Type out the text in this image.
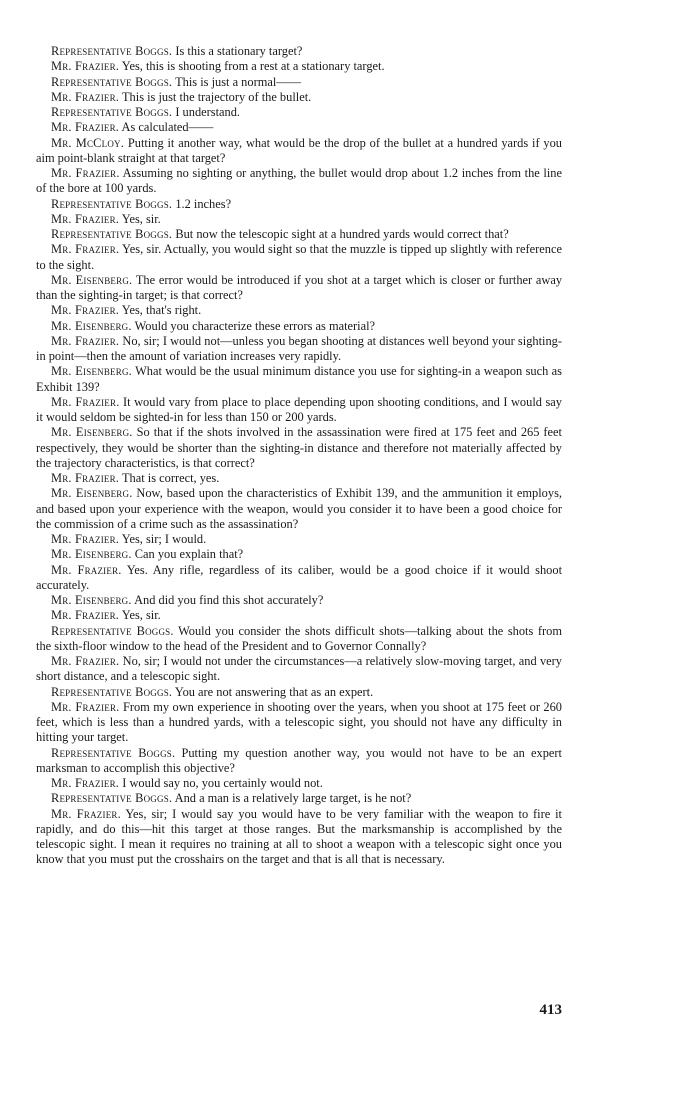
Representative Boggs. Is this a stationary target?

Mr. Frazier. Yes, this is shooting from a rest at a stationary target.

Representative Boggs. This is just a normal——

Mr. Frazier. This is just the trajectory of the bullet.

Representative Boggs. I understand.

Mr. Frazier. As calculated——

Mr. McCloy. Putting it another way, what would be the drop of the bullet at a hundred yards if you aim point-blank straight at that target?

Mr. Frazier. Assuming no sighting or anything, the bullet would drop about 1.2 inches from the line of the bore at 100 yards.

Representative Boggs. 1.2 inches?

Mr. Frazier. Yes, sir.

Representative Boggs. But now the telescopic sight at a hundred yards would correct that?

Mr. Frazier. Yes, sir. Actually, you would sight so that the muzzle is tipped up slightly with reference to the sight.

Mr. Eisenberg. The error would be introduced if you shot at a target which is closer or further away than the sighting-in target; is that correct?

Mr. Frazier. Yes, that's right.

Mr. Eisenberg. Would you characterize these errors as material?

Mr. Frazier. No, sir; I would not—unless you began shooting at distances well beyond your sighting-in point—then the amount of variation increases very rapidly.

Mr. Eisenberg. What would be the usual minimum distance you use for sighting-in a weapon such as Exhibit 139?

Mr. Frazier. It would vary from place to place depending upon shooting conditions, and I would say it would seldom be sighted-in for less than 150 or 200 yards.

Mr. Eisenberg. So that if the shots involved in the assassination were fired at 175 feet and 265 feet respectively, they would be shorter than the sighting-in distance and therefore not materially affected by the trajectory characteristics, is that correct?

Mr. Frazier. That is correct, yes.

Mr. Eisenberg. Now, based upon the characteristics of Exhibit 139, and the ammunition it employs, and based upon your experience with the weapon, would you consider it to have been a good choice for the commission of a crime such as the assassination?

Mr. Frazier. Yes, sir; I would.

Mr. Eisenberg. Can you explain that?

Mr. Frazier. Yes. Any rifle, regardless of its caliber, would be a good choice if it would shoot accurately.

Mr. Eisenberg. And did you find this shot accurately?

Mr. Frazier. Yes, sir.

Representative Boggs. Would you consider the shots difficult shots—talking about the shots from the sixth-floor window to the head of the President and to Governor Connally?

Mr. Frazier. No, sir; I would not under the circumstances—a relatively slow-moving target, and very short distance, and a telescopic sight.

Representative Boggs. You are not answering that as an expert.

Mr. Frazier. From my own experience in shooting over the years, when you shoot at 175 feet or 260 feet, which is less than a hundred yards, with a telescopic sight, you should not have any difficulty in hitting your target.

Representative Boggs. Putting my question another way, you would not have to be an expert marksman to accomplish this objective?

Mr. Frazier. I would say no, you certainly would not.

Representative Boggs. And a man is a relatively large target, is he not?

Mr. Frazier. Yes, sir; I would say you would have to be very familiar with the weapon to fire it rapidly, and do this—hit this target at those ranges. But the marksmanship is accomplished by the telescopic sight. I mean it requires no training at all to shoot a weapon with a telescopic sight once you know that you must put the crosshairs on the target and that is all that is necessary.

413
